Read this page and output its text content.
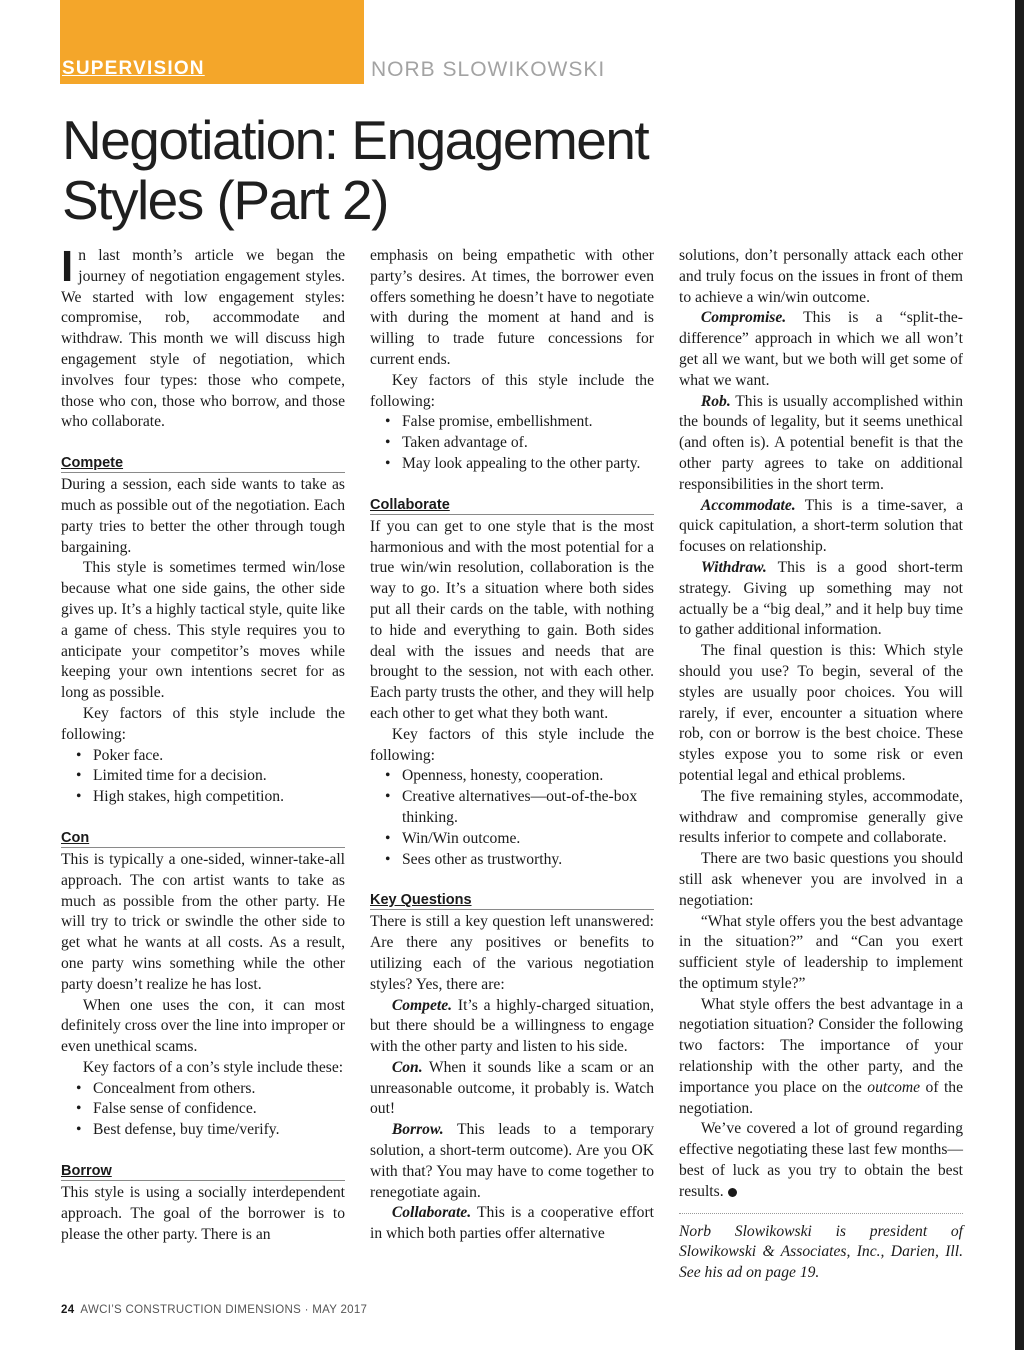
SUPERVISION	NORB SLOWIKOWSKI
Negotiation: Engagement
Styles (Part 2)

In last month’s article we began the journey of negotiation engagement styles. We started with low engagement styles: compromise, rob, accommodate and withdraw. This month we will discuss high engagement style of negotiation, which involves four types: those who compete, those who con, those who borrow, and those who collaborate.

Compete

During a session, each side wants to take as much as possible out of the negotiation. Each party tries to better the other through tough bargaining.

This style is sometimes termed win/lose because what one side gains, the other side gives up. It’s a highly tactical style, quite like a game of chess. This style requires you to anticipate your competitor’s moves while keeping your own intentions secret for as long as possible.

Key factors of this style include the following:

• Poker face.
• Limited time for a decision.
• High stakes, high competition.
Con

This is typically a one-sided, winner-take-all approach. The con artist wants to take as much as possible from the other party. He will try to trick or swindle the other side to get what he wants at all costs. As a result, one party wins something while the other party doesn’t realize he has lost.

When one uses the con, it can most definitely cross over the line into improper or even unethical scams.

Key factors of a con’s style include these:

• Concealment from others.
• False sense of confidence.
• Best defense, buy time/verify.
Borrow

This style is using a socially interdependent approach. The goal of the borrower is to please the other party. There is an

emphasis on being empathetic with other party’s desires. At times, the borrower even offers something he doesn’t have to negotiate with during the moment at hand and is willing to trade future concessions for current ends.

Key factors of this style include the following:

• False promise, embellishment.
• Taken advantage of.
• May look appealing to the other party.
Collaborate

If you can get to one style that is the most harmonious and with the most potential for a true win/win resolution, collaboration is the way to go. It’s a situation where both sides put all their cards on the table, with nothing to hide and everything to gain. Both sides deal with the issues and needs that are brought to the session, not with each other. Each party trusts the other, and they will help each other to get what they both want.

Key factors of this style include the following:

• Openness, honesty, cooperation.
• Creative alternatives—out-of-the-box thinking.
• Win/Win outcome.
• Sees other as trustworthy.
Key Questions

There is still a key question left unanswered: Are there any positives or benefits to utilizing each of the various negotiation styles? Yes, there are:

Compete. It’s a highly-charged situation, but there should be a willingness to engage with the other party and listen to his side.

Con. When it sounds like a scam or an unreasonable outcome, it probably is. Watch out!

Borrow. This leads to a temporary solution, a short-term outcome). Are you OK with that? You may have to come together to renegotiate again.

Collaborate. This is a cooperative effort in which both parties offer alternative

solutions, don’t personally attack each other and truly focus on the issues in front of them to achieve a win/win outcome.

Compromise. This is a “split-the-difference” approach in which we all won’t get all we want, but we both will get some of what we want.

Rob. This is usually accomplished within the bounds of legality, but it seems unethical (and often is). A potential benefit is that the other party agrees to take on additional responsibilities in the short term.

Accommodate. This is a time-saver, a quick capitulation, a short-term solution that focuses on relationship.

Withdraw. This is a good short-term strategy. Giving up something may not actually be a “big deal,” and it help buy time to gather additional information.

The final question is this: Which style should you use? To begin, several of the styles are usually poor choices. You will rarely, if ever, encounter a situation where rob, con or borrow is the best choice. These styles expose you to some risk or even potential legal and ethical problems.

The five remaining styles, accommodate, withdraw and compromise generally give results inferior to compete and collaborate.

There are two basic questions you should still ask whenever you are involved in a negotiation:

“What style offers you the best advantage in the situation?” and “Can you exert sufficient style of leadership to implement the optimum style?”

What style offers the best advantage in a negotiation situation? Consider the following two factors: The importance of your relationship with the other party, and the importance you place on the outcome of the negotiation.

We’ve covered a lot of ground regarding effective negotiating these last few months—best of luck as you try to obtain the best results.

Norb Slowikowski is president of Slowikowski & Associates, Inc., Darien, Ill. See his ad on page 19.

24 AWCI’S CONSTRUCTION DIMENSIONS · MAY 2017
